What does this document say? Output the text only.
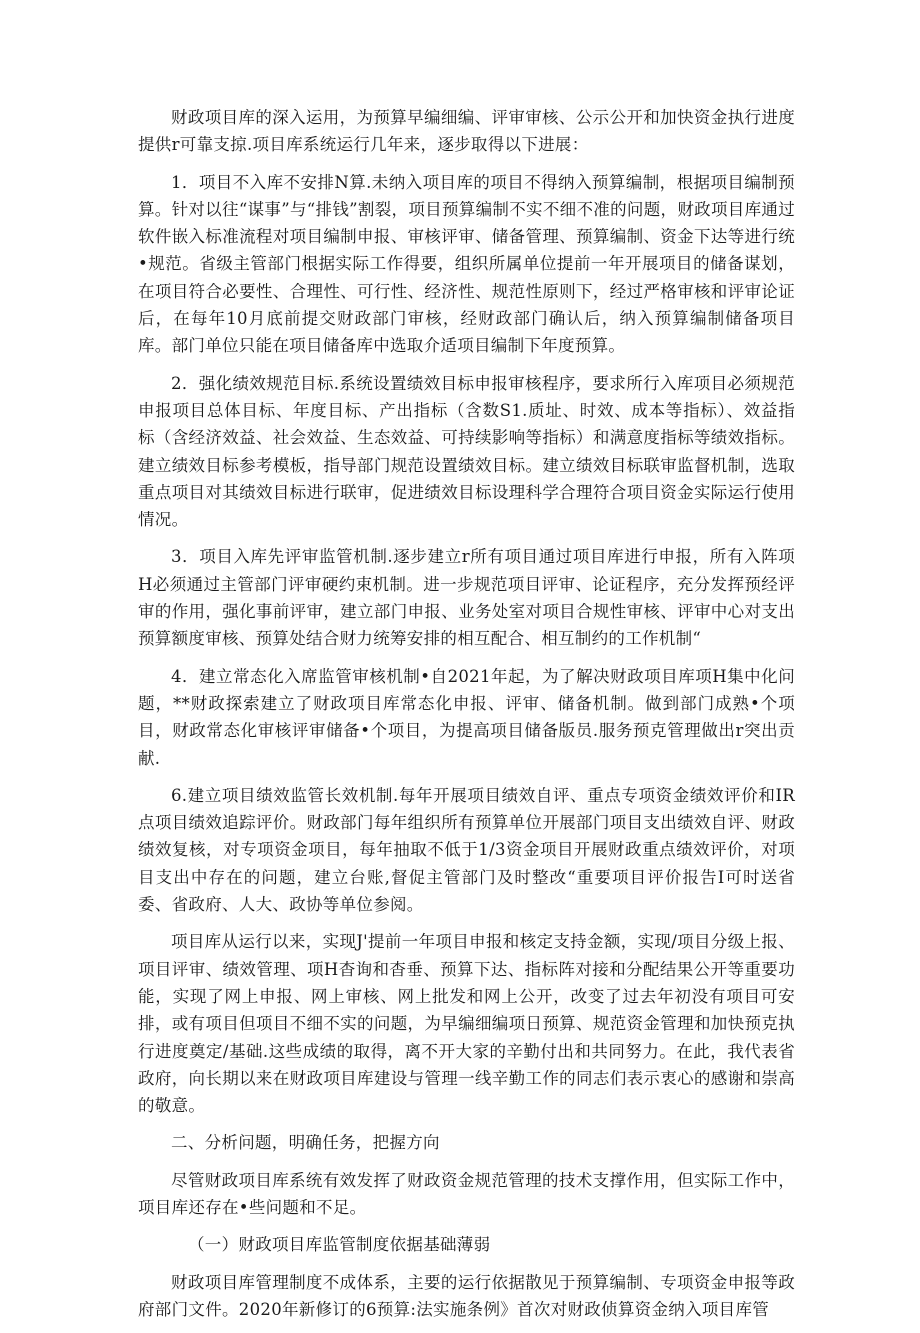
财政项目库的深入运用，为预算早编细编、评审审核、公示公开和加快资金执行进度提供r可靠支掠.项目库系统运行几年来，逐步取得以下进展：

1．项目不入库不安排N算.未纳入项目库的项目不得纳入预算编制，根据项目编制预算。针对以往“谋事”与“排钱”割裂，项目预算编制不实不细不准的问题，财政项目库通过软件嵌入标准流程对项目编制申报、审核评审、储备管理、预算编制、资金下达等进行统•规范。省级主管部门根据实际工作得要，组织所属单位提前一年开展项目的储备谋划，在项目符合必要性、合理性、可行性、经济性、规范性原则下，经过严格审核和评审论证后，在每年10月底前提交财政部门审核，经财政部门确认后，纳入预算编制储备项目库。部门单位只能在项目储备库中选取介适项目编制下年度预算。

2．强化绩效规范目标.系统设置绩效目标申报审核程序，要求所行入库项目必须规范申报项目总体目标、年度目标、产出指标（含数S1.质址、时效、成本等指标）、效益指标（含经济效益、社会效益、生态效益、可持续影响等指标）和满意度指标等绩效指标。建立绩效目标参考模板，指导部门规范设置绩效目标。建立绩效目标联审监督机制，选取重点项目对其绩效目标进行联审，促进绩效目标设理科学合理符合项目资金实际运行使用情况。

3．项目入库先评审监管机制.逐步建立r所有项目通过项目库进行申报，所有入阵项H必须通过主管部门评审硬约束机制。进一步规范项目评审、论证程序，充分发挥预经评审的作用，强化事前评审，建立部门申报、业务处室对项目合规性审核、评审中心对支出预算额度审核、预算处结合财力统筹安排的相互配合、相互制约的工作机制“

4．建立常态化入席监管审核机制•自2021年起，为了解决财政项目库项H集中化问题，**财政探索建立了财政项目库常态化申报、评审、储备机制。做到部门成熟•个项目，财政常态化审核评审储备•个项目，为提高项目储备版员.服务预克管理做出r突出贡献.

6.建立项目绩效监管长效机制.每年开展项目绩效自评、重点专项资金绩效评价和IR点项目绩效追踪评价。财政部门每年组织所有预算单位开展部门项目支出绩效自评、财政绩效复核，对专项资金项目，每年抽取不低于1/3资金项目开展财政重点绩效评价，对项目支出中存在的问题，建立台账,督促主管部门及时整改“重要项目评价报告I可时送省委、省政府、人大、政协等单位参阅。

项目库从运行以来，实现J'提前一年项目申报和核定支持金额，实现/项目分级上报、项目评审、绩效管理、项H杳询和杳垂、预算下达、指标阵对接和分配结果公开等重要功能，实现了网上申报、网上审核、网上批发和网上公开，改变了过去年初没有项目可安排，或有项目但项目不细不实的问题，为早编细编项日预算、规范资金管理和加快预克执行进度奠定/基础.这些成绩的取得，离不开大家的辛勤付出和共同努力。在此，我代表省政府，向长期以来在财政项目库建设与管理一线辛勤工作的同志们表示衷心的感谢和崇高的敬意。

二、分析问题，明确任务，把握方向

尽管财政项目库系统有效发挥了财政资金规范管理的技术支撑作用，但实际工作中，项目库还存在•些问题和不足。

（一）财政项目库监管制度依据基础薄弱

财政项目库管理制度不成体系，主要的运行依据散见于预算编制、专项资金申报等政府部门文件。2020年新修订的6预算:法实施条例》首次对财政侦算资金纳入项目库管
